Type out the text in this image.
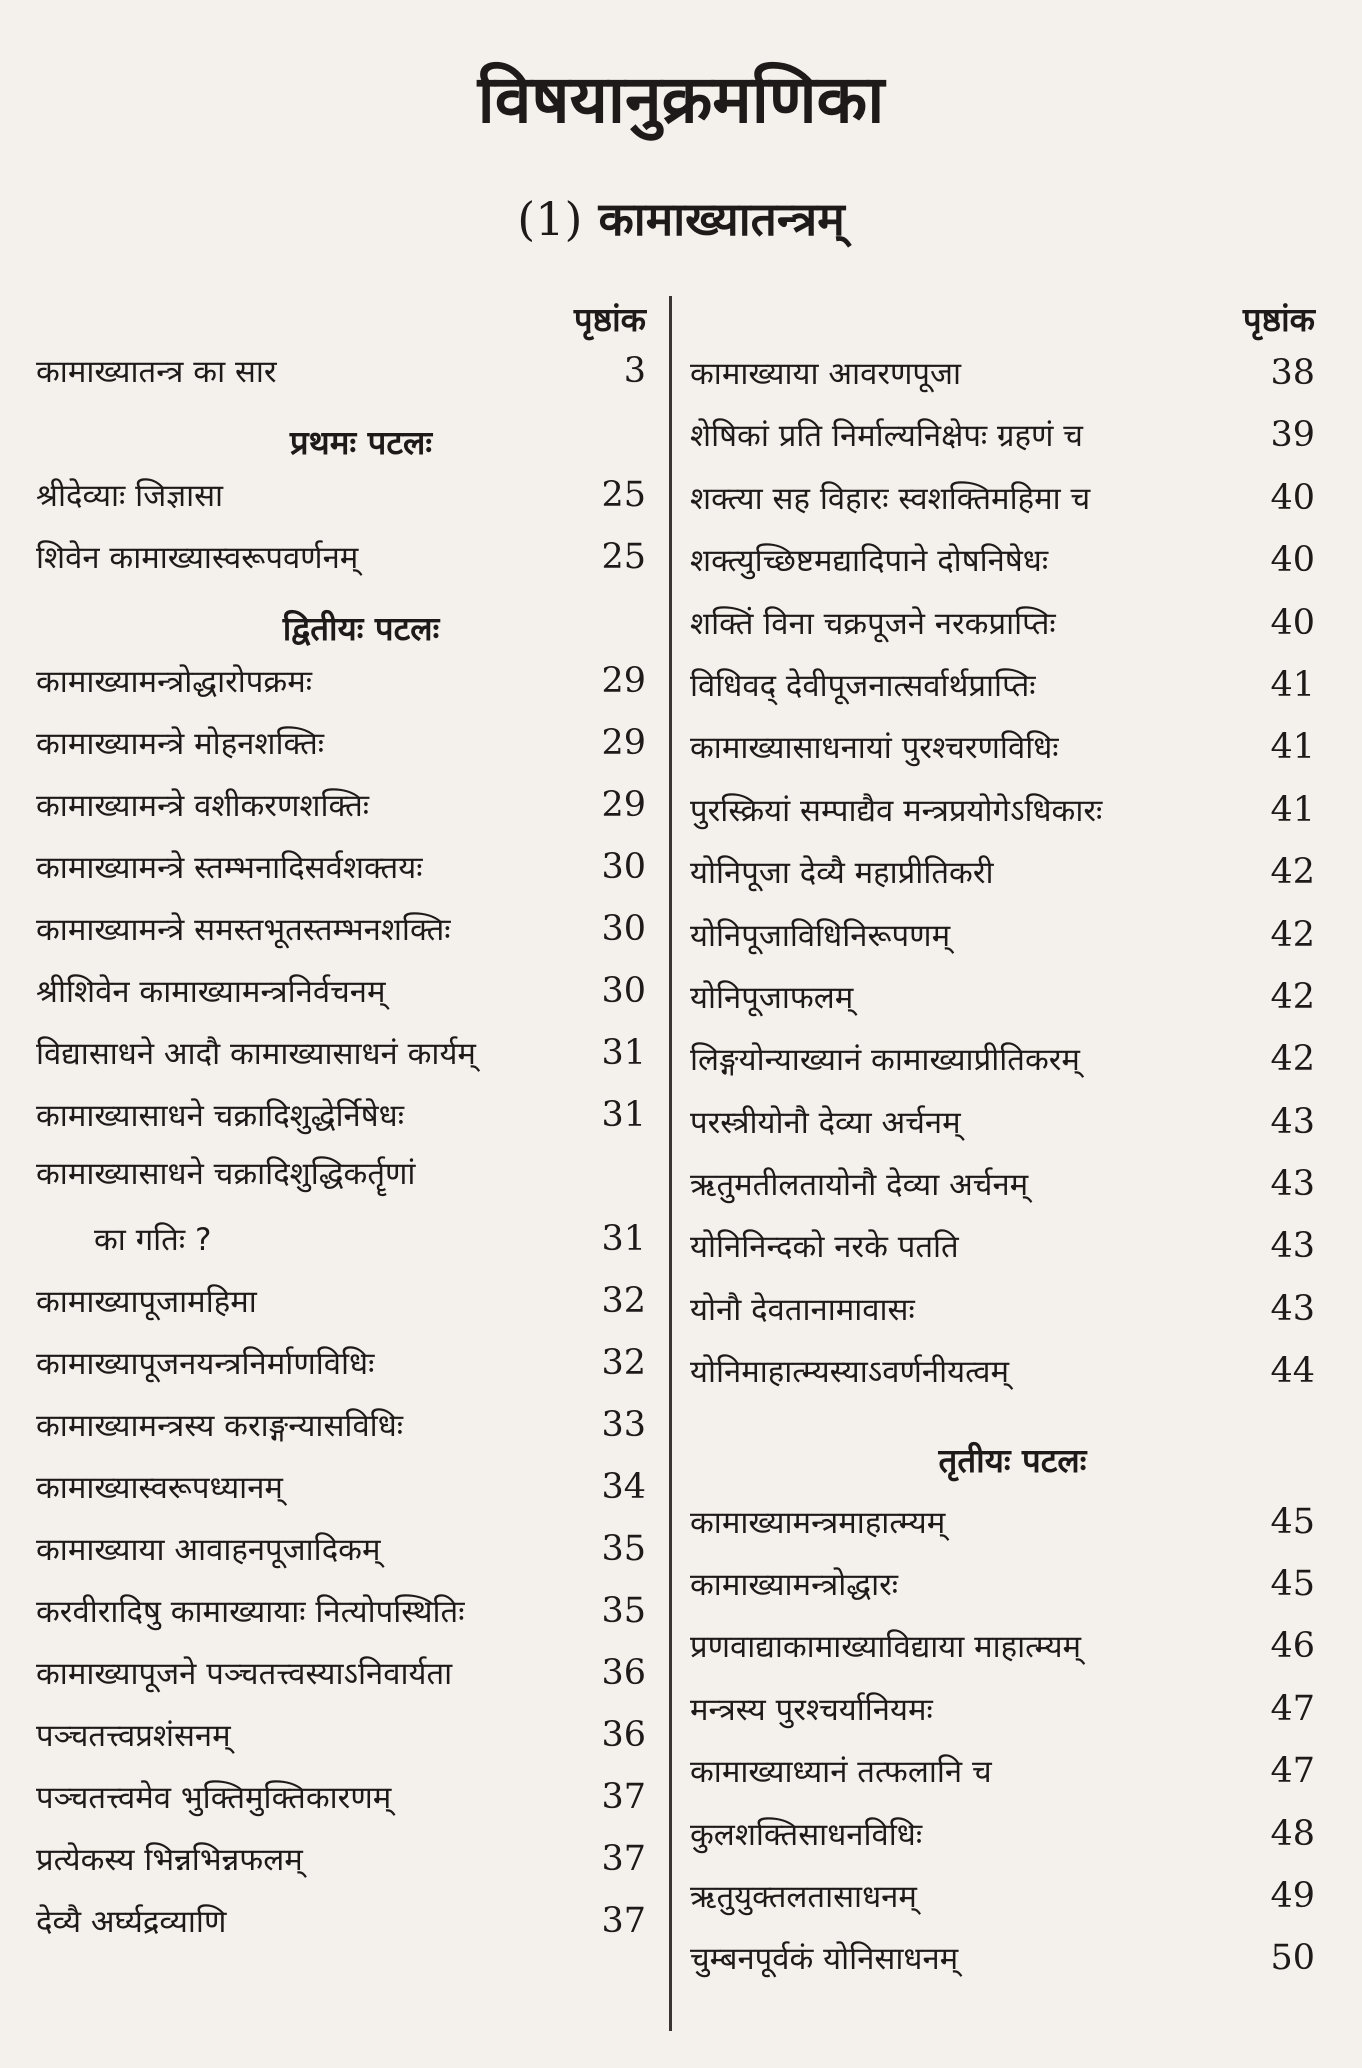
विषयानुक्रमणिका
(1) कामाख्यातन्त्रम्
पृष्ठांक
कामाख्यातन्त्र का सार	3
प्रथमः पटलः
श्रीदेव्याः जिज्ञासा	25
शिवेन कामाख्यास्वरूपवर्णनम्	25
द्वितीयः पटलः
कामाख्यामन्त्रोद्धारोपक्रमः	29
कामाख्यामन्त्रे मोहनशक्तिः	29
कामाख्यामन्त्रे वशीकरणशक्तिः	29
कामाख्यामन्त्रे स्तम्भनादिसर्वशक्तयः	30
कामाख्यामन्त्रे समस्तभूतस्तम्भनशक्तिः	30
श्रीशिवेन कामाख्यामन्त्रनिर्वचनम्	30
विद्यासाधने आदौ कामाख्यासाधनं कार्यम्	31
कामाख्यासाधने चक्रादिशुद्धेर्निषेधः	31
कामाख्यासाधने चक्रादिशुद्धिकर्तॄणां
का गतिः ?	31
कामाख्यापूजामहिमा	32
कामाख्यापूजनयन्त्रनिर्माणविधिः	32
कामाख्यामन्त्रस्य कराङ्गन्यासविधिः	33
कामाख्यास्वरूपध्यानम्	34
कामाख्याया आवाहनपूजादिकम्	35
करवीरादिषु कामाख्यायाः नित्योपस्थितिः	35
कामाख्यापूजने पञ्चतत्त्वस्याऽनिवार्यता	36
पञ्चतत्त्वप्रशंसनम्	36
पञ्चतत्त्वमेव भुक्तिमुक्तिकारणम्	37
प्रत्येकस्य भिन्नभिन्नफलम्	37
देव्यै अर्घ्यद्रव्याणि	37
पृष्ठांक
कामाख्याया आवरणपूजा	38
शेषिकां प्रति निर्माल्यनिक्षेपः ग्रहणं च	39
शक्त्या सह विहारः स्वशक्तिमहिमा च	40
शक्त्युच्छिष्टमद्यादिपाने दोषनिषेधः	40
शक्तिं विना चक्रपूजने नरकप्राप्तिः	40
विधिवद् देवीपूजनात्सर्वार्थप्राप्तिः	41
कामाख्यासाधनायां पुरश्चरणविधिः	41
पुरस्क्रियां सम्पाद्यैव मन्त्रप्रयोगेऽधिकारः	41
योनिपूजा देव्यै महाप्रीतिकरी	42
योनिपूजाविधिनिरूपणम्	42
योनिपूजाफलम्	42
लिङ्गयोन्याख्यानं कामाख्याप्रीतिकरम्	42
परस्त्रीयोनौ देव्या अर्चनम्	43
ऋतुमतीलतायोनौ देव्या अर्चनम्	43
योनिनिन्दको नरके पतति	43
योनौ देवतानामावासः	43
योनिमाहात्म्यस्याऽवर्णनीयत्वम्	44
तृतीयः पटलः
कामाख्यामन्त्रमाहात्म्यम्	45
कामाख्यामन्त्रोद्धारः	45
प्रणवाद्याकामाख्याविद्याया माहात्म्यम्	46
मन्त्रस्य पुरश्चर्यानियमः	47
कामाख्याध्यानं तत्फलानि च	47
कुलशक्तिसाधनविधिः	48
ऋतुयुक्तलतासाधनम्	49
चुम्बनपूर्वकं योनिसाधनम्	50
